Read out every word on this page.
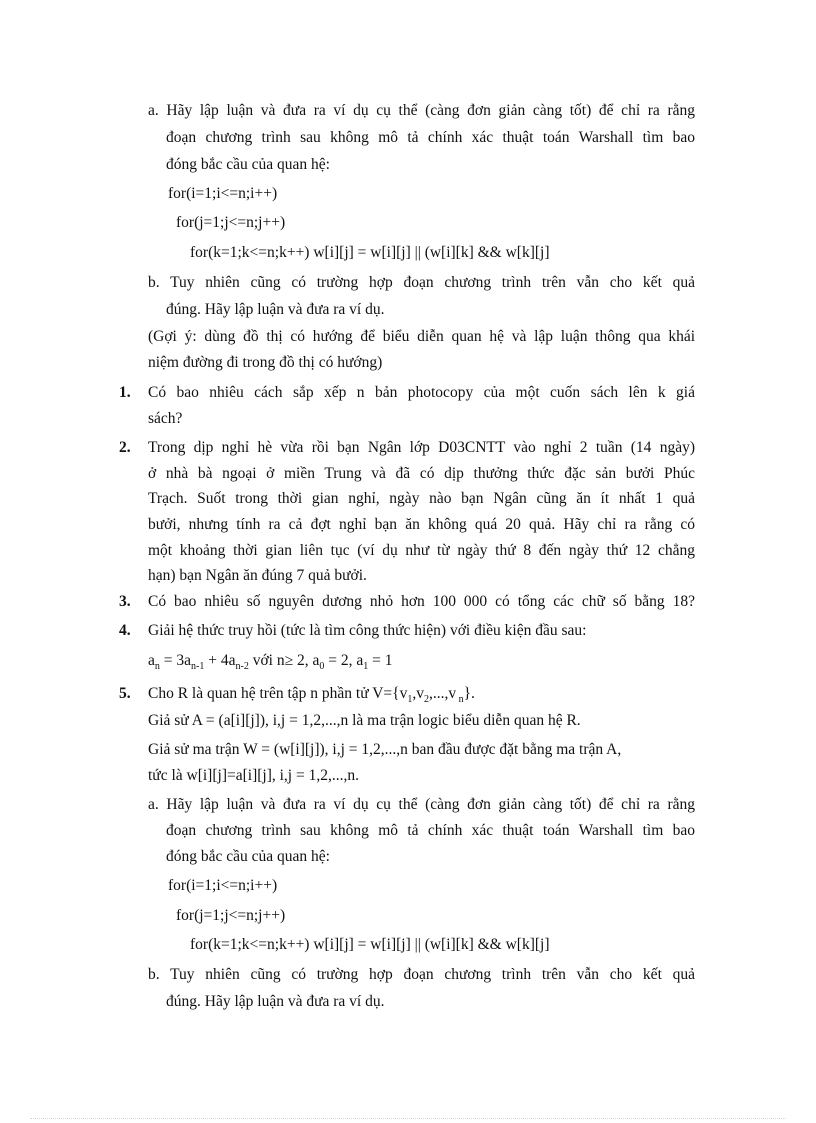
a. Hãy lập luận và đưa ra ví dụ cụ thể (càng đơn giản càng tốt) để chỉ ra rằng
đoạn chương trình sau không mô tả chính xác thuật toán Warshall tìm bao
đóng bắc cầu của quan hệ:
for(i=1;i<=n;i++)
for(j=1;j<=n;j++)
for(k=1;k<=n;k++) w[i][j] = w[i][j] || (w[i][k] && w[k][j]
b. Tuy nhiên cũng có trường hợp đoạn chương trình trên vẫn cho kết quả
đúng. Hãy lập luận và đưa ra ví dụ.
(Gợi ý: dùng đồ thị có hướng để biểu diễn quan hệ và lập luận thông qua khái
niệm đường đi trong đồ thị có hướng)
1. Có bao nhiêu cách sắp xếp n bản photocopy của một cuốn sách lên k giá
sách?
2. Trong dịp nghỉ hè vừa rồi bạn Ngân lớp D03CNTT vào nghỉ 2 tuần (14 ngày)
ở nhà bà ngoại ở miền Trung và đã có dịp thưởng thức đặc sản bưởi Phúc
Trạch. Suốt trong thời gian nghỉ, ngày nào bạn Ngân cũng ăn ít nhất 1 quả
bưởi, nhưng tính ra cả đợt nghỉ bạn ăn không quá 20 quả. Hãy chỉ ra rằng có
một khoảng thời gian liên tục (ví dụ như từ ngày thứ 8 đến ngày thứ 12 chẳng
hạn) bạn Ngân ăn đúng 7 quả bưởi.
3. Có bao nhiêu số nguyên dương nhỏ hơn 100 000 có tổng các chữ số bằng 18?
4. Giải hệ thức truy hồi (tức là tìm công thức hiện) với điều kiện đầu sau:
$a_n = 3a_{n-1} + 4a_{n-2}$ với n≥ 2, $a_0 = 2$, $a_1 = 1$
5. Cho R là quan hệ trên tập n phần tử $V=\{v_1,v_2,...,v$ $_n$}.
Giả sử A = (a[i][j]), i,j = 1,2,...,n là ma trận logic biểu diễn quan hệ R.
Giả sử ma trận W = (w[i][j]), i,j = 1,2,...,n ban đầu được đặt bằng ma trận A,
tức là w[i][j]=a[i][j], i,j = 1,2,...,n.
a. Hãy lập luận và đưa ra ví dụ cụ thể (càng đơn giản càng tốt) để chỉ ra rằng
đoạn chương trình sau không mô tả chính xác thuật toán Warshall tìm bao
đóng bắc cầu của quan hệ:
for(i=1;i<=n;i++)
for(j=1;j<=n;j++)
for(k=1;k<=n;k++) w[i][j] = w[i][j] || (w[i][k] && w[k][j]
b. Tuy nhiên cũng có trường hợp đoạn chương trình trên vẫn cho kết quả
đúng. Hãy lập luận và đưa ra ví dụ.
